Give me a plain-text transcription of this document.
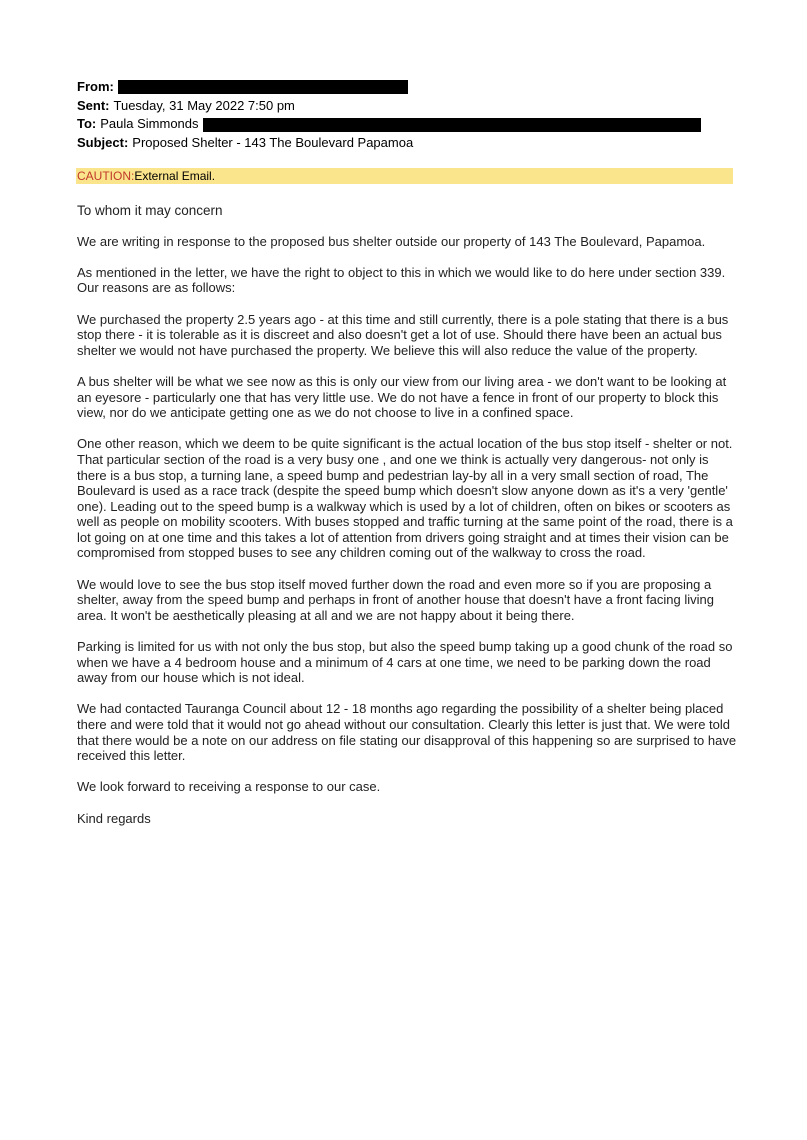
From:
Sent: Tuesday, 31 May 2022 7:50 pm
To: Paula Simmonds
Subject: Proposed Shelter - 143 The Boulevard Papamoa
CAUTION:External Email.

To whom it may concern

We are writing in response to the proposed bus shelter outside our property of 143 The Boulevard, Papamoa.

As mentioned in the letter, we have the right to object to this in which we would like to do here under section 339.

Our reasons are as follows:

We purchased the property 2.5 years ago - at this time and still currently, there is a pole stating that there is a bus stop there - it is tolerable as it is discreet and also doesn't get a lot of use. Should there have been an actual bus shelter we would not have purchased the property. We believe this will also reduce the value of the property.

A bus shelter will be what we see now as this is only our view from our living area - we don't want to be looking at an eyesore - particularly one that has very little use. We do not have a fence in front of our property to block this view, nor do we anticipate getting one as we do not choose to live in a confined space.

One other reason, which we deem to be quite significant is the actual location of the bus stop itself - shelter or not. That particular section of the road is a very busy one , and one we think is actually very dangerous- not only is there is a bus stop, a turning lane, a speed bump and pedestrian lay-by all in a very small section of road, The Boulevard is used as a race track (despite the speed bump which doesn't slow anyone down as it's a very 'gentle' one). Leading out to the speed bump is a walkway which is used by a lot of children, often on bikes or scooters as well as people on mobility scooters. With buses stopped and traffic turning at the same point of the road, there is a lot going on at one time and this takes a lot of attention from drivers going straight and at times their vision can be compromised from stopped buses to see any children coming out of the walkway to cross the road.

We would love to see the bus stop itself moved further down the road and even more so if you are proposing a shelter, away from the speed bump and perhaps in front of another house that doesn't have a front facing living area. It won't be aesthetically pleasing at all and we are not happy about it being there.

Parking is limited for us with not only the bus stop, but also the speed bump taking up a good chunk of the road so when we have a 4 bedroom house and a minimum of 4 cars at one time, we need to be parking down the road away from our house which is not ideal.

We had contacted Tauranga Council about 12 - 18 months ago regarding the possibility of a shelter being placed there and were told that it would not go ahead without our consultation. Clearly this letter is just that. We were told that there would be a note on our address on file stating our disapproval of this happening so are surprised to have received this letter.

We look forward to receiving a response to our case.

Kind regards
